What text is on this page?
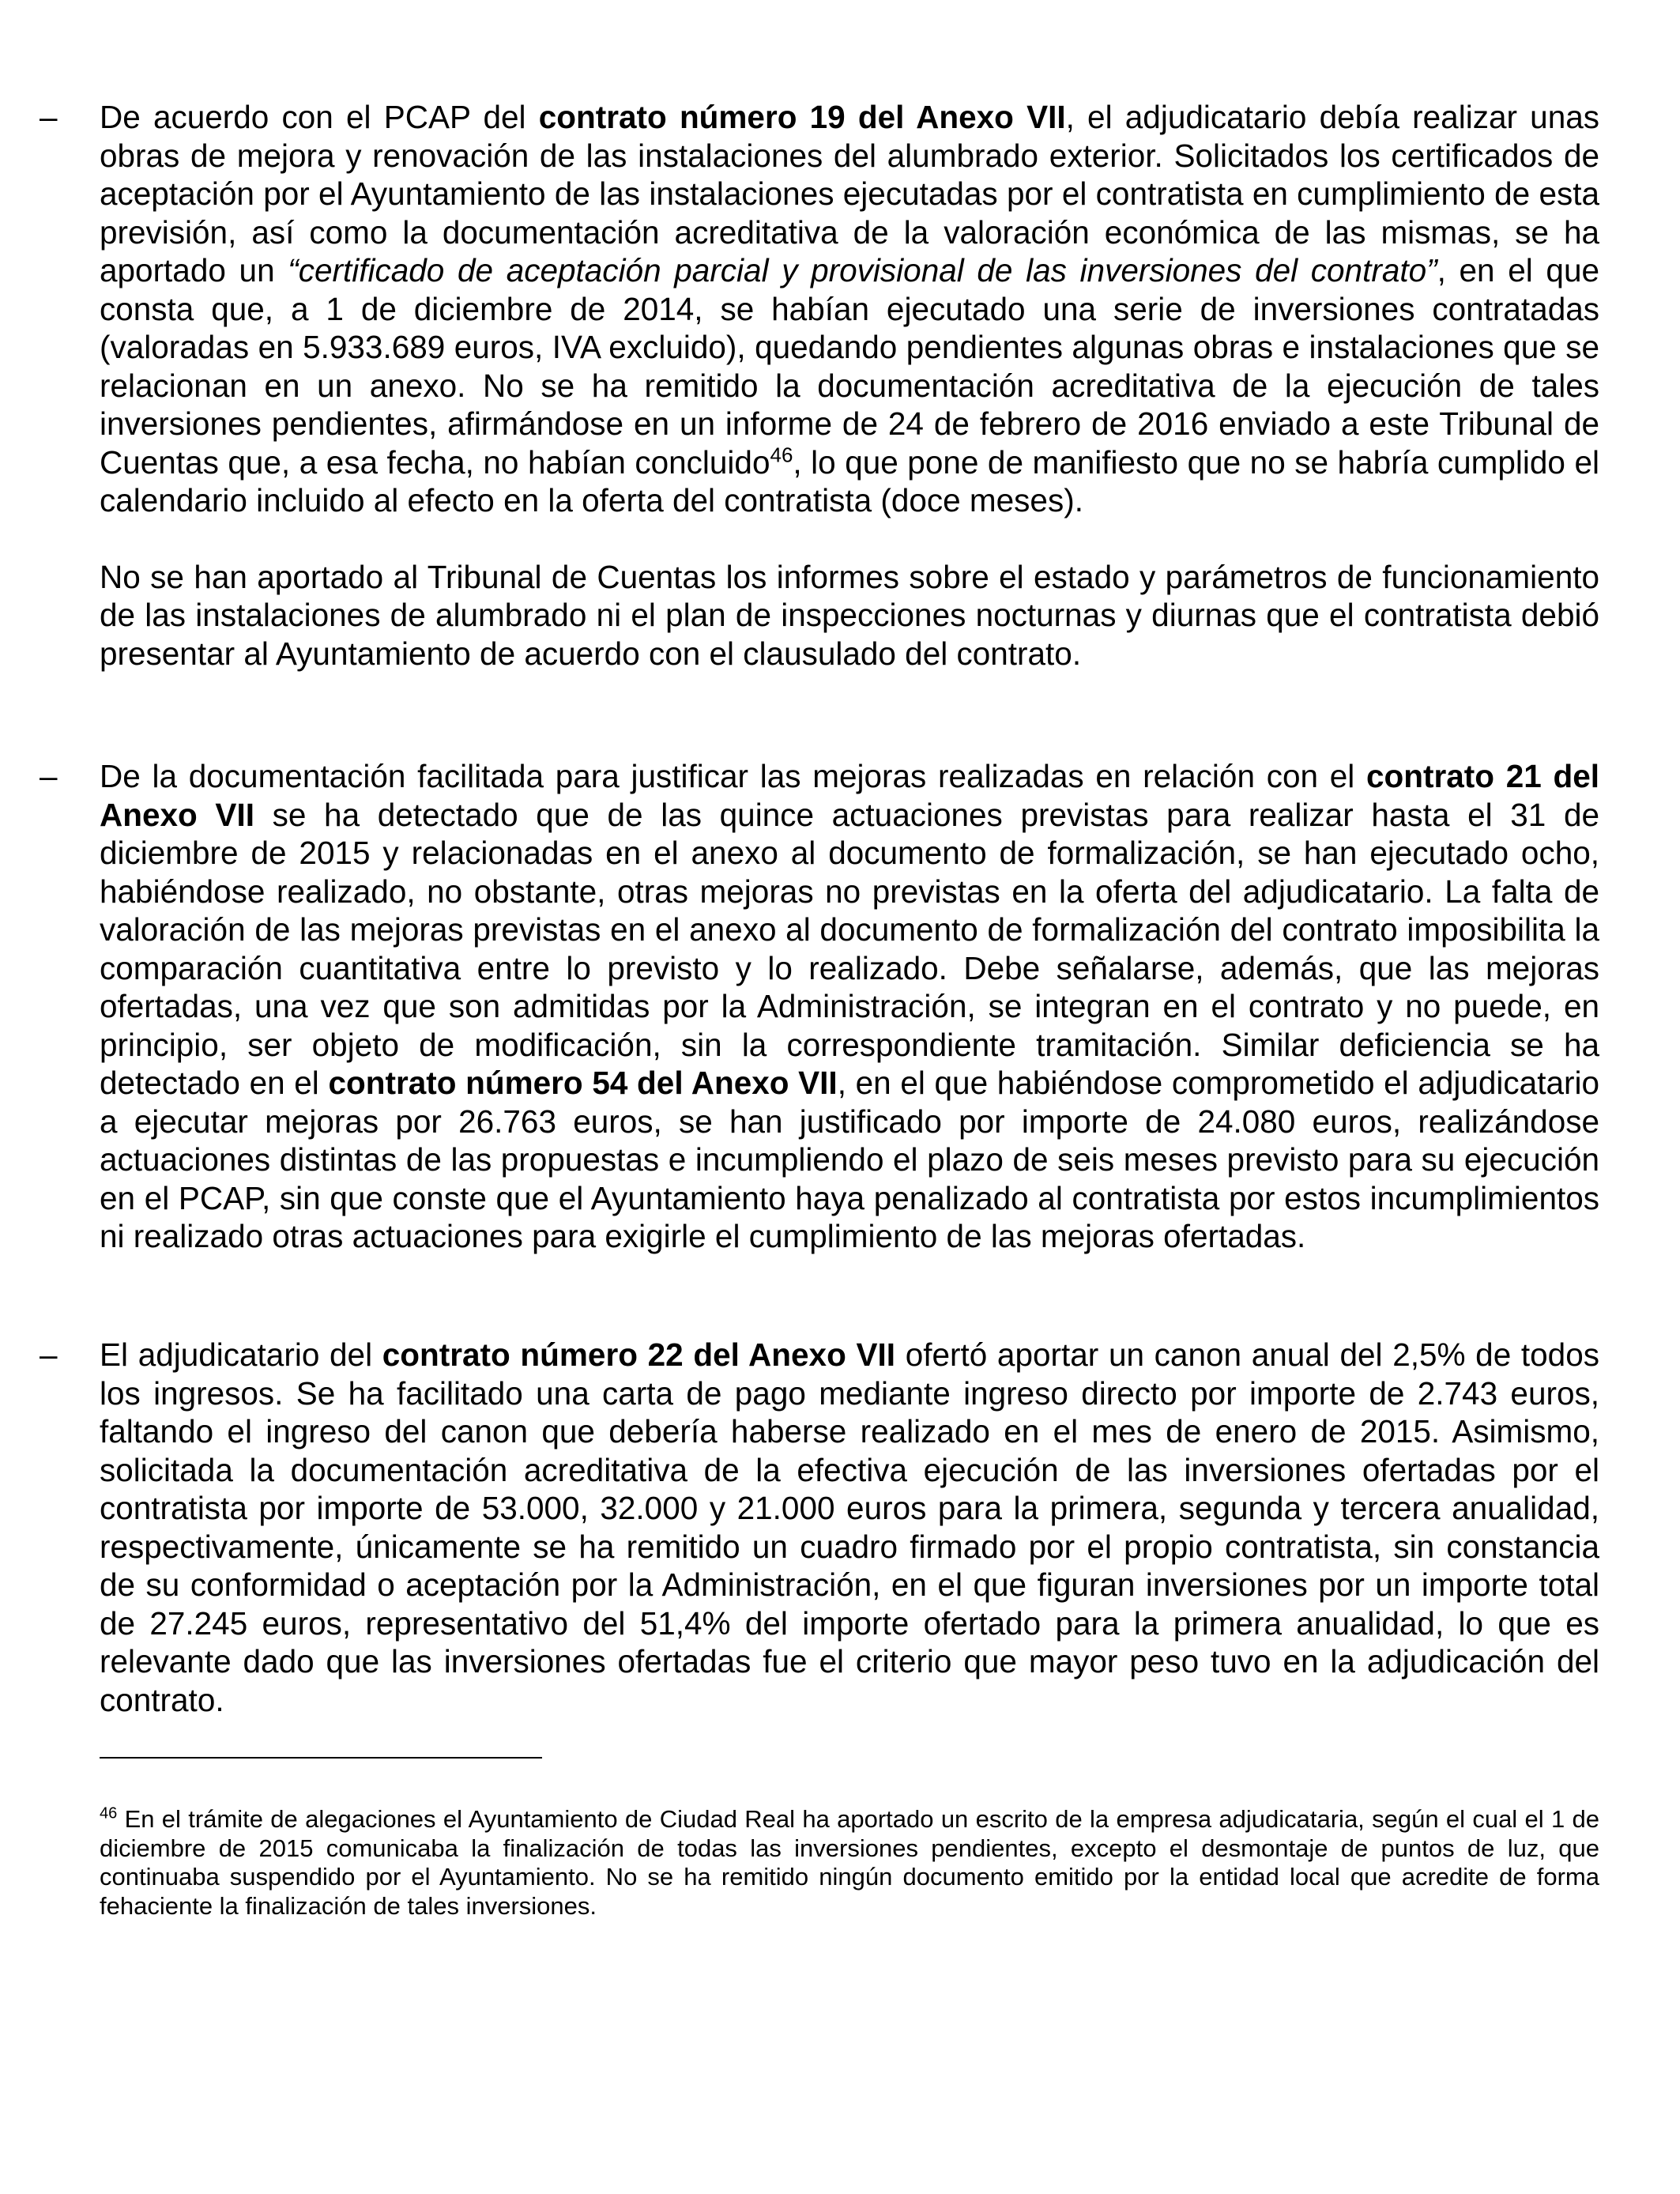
– De acuerdo con el PCAP del contrato número 19 del Anexo VII, el adjudicatario debía realizar unas obras de mejora y renovación de las instalaciones del alumbrado exterior. Solicitados los certificados de aceptación por el Ayuntamiento de las instalaciones ejecutadas por el contratista en cumplimiento de esta previsión, así como la documentación acreditativa de la valoración económica de las mismas, se ha aportado un “certificado de aceptación parcial y provisional de las inversiones del contrato”, en el que consta que, a 1 de diciembre de 2014, se habían ejecutado una serie de inversiones contratadas (valoradas en 5.933.689 euros, IVA excluido), quedando pendientes algunas obras e instalaciones que se relacionan en un anexo. No se ha remitido la documentación acreditativa de la ejecución de tales inversiones pendientes, afirmándose en un informe de 24 de febrero de 2016 enviado a este Tribunal de Cuentas que, a esa fecha, no habían concluido$^{46}$, lo que pone de manifiesto que no se habría cumplido el calendario incluido al efecto en la oferta del contratista (doce meses).

No se han aportado al Tribunal de Cuentas los informes sobre el estado y parámetros de funcionamiento de las instalaciones de alumbrado ni el plan de inspecciones nocturnas y diurnas que el contratista debió presentar al Ayuntamiento de acuerdo con el clausulado del contrato.

– De la documentación facilitada para justificar las mejoras realizadas en relación con el contrato 21 del Anexo VII se ha detectado que de las quince actuaciones previstas para realizar hasta el 31 de diciembre de 2015 y relacionadas en el anexo al documento de formalización, se han ejecutado ocho, habiéndose realizado, no obstante, otras mejoras no previstas en la oferta del adjudicatario. La falta de valoración de las mejoras previstas en el anexo al documento de formalización del contrato imposibilita la comparación cuantitativa entre lo previsto y lo realizado. Debe señalarse, además, que las mejoras ofertadas, una vez que son admitidas por la Administración, se integran en el contrato y no puede, en principio, ser objeto de modificación, sin la correspondiente tramitación. Similar deficiencia se ha detectado en el contrato número 54 del Anexo VII, en el que habiéndose comprometido el adjudicatario a ejecutar mejoras por 26.763 euros, se han justificado por importe de 24.080 euros, realizándose actuaciones distintas de las propuestas e incumpliendo el plazo de seis meses previsto para su ejecución en el PCAP, sin que conste que el Ayuntamiento haya penalizado al contratista por estos incumplimientos ni realizado otras actuaciones para exigirle el cumplimiento de las mejoras ofertadas.

– El adjudicatario del contrato número 22 del Anexo VII ofertó aportar un canon anual del 2,5% de todos los ingresos. Se ha facilitado una carta de pago mediante ingreso directo por importe de 2.743 euros, faltando el ingreso del canon que debería haberse realizado en el mes de enero de 2015. Asimismo, solicitada la documentación acreditativa de la efectiva ejecución de las inversiones ofertadas por el contratista por importe de 53.000, 32.000 y 21.000 euros para la primera, segunda y tercera anualidad, respectivamente, únicamente se ha remitido un cuadro firmado por el propio contratista, sin constancia de su conformidad o aceptación por la Administración, en el que figuran inversiones por un importe total de 27.245 euros, representativo del 51,4% del importe ofertado para la primera anualidad, lo que es relevante dado que las inversiones ofertadas fue el criterio que mayor peso tuvo en la adjudicación del contrato.

$^{46}$ En el trámite de alegaciones el Ayuntamiento de Ciudad Real ha aportado un escrito de la empresa adjudicataria, según el cual el 1 de diciembre de 2015 comunicaba la finalización de todas las inversiones pendientes, excepto el desmontaje de puntos de luz, que continuaba suspendido por el Ayuntamiento. No se ha remitido ningún documento emitido por la entidad local que acredite de forma fehaciente la finalización de tales inversiones.
